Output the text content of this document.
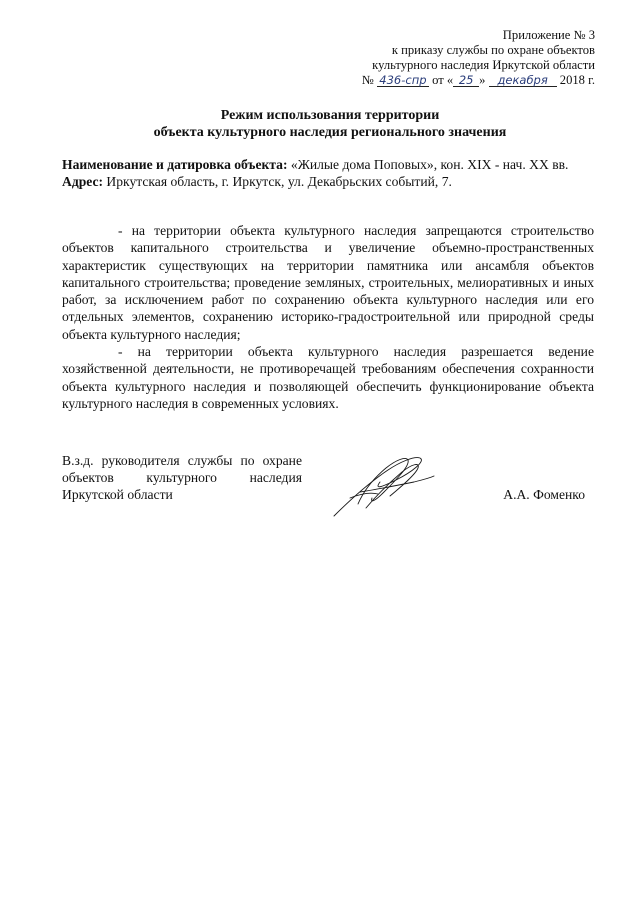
Приложение № 3
к приказу службы по охране объектов
культурного наследия Иркутской области
№ 436-спр от « 25 » декабря 2018 г.
Режим использования территории
объекта культурного наследия регионального значения

Наименование и датировка объекта: «Жилые дома Поповых», кон. XIX - нач. XX вв.

Адрес: Иркутская область, г. Иркутск, ул. Декабрьских событий, 7.

- на территории объекта культурного наследия запрещаются строительство объектов капитального строительства и увеличение объемно-пространственных характеристик существующих на территории памятника или ансамбля объектов капитального строительства; проведение земляных, строительных, мелиоративных и иных работ, за исключением работ по сохранению объекта культурного наследия или его отдельных элементов, сохранению историко-градостроительной или природной среды объекта культурного наследия;

- на территории объекта культурного наследия разрешается ведение хозяйственной деятельности, не противоречащей требованиям обеспечения сохранности объекта культурного наследия и позволяющей обеспечить функционирование объекта культурного наследия в современных условиях.

В.з.д. руководителя службы по охране объектов культурного наследия Иркутской области	А.А. Фоменко
